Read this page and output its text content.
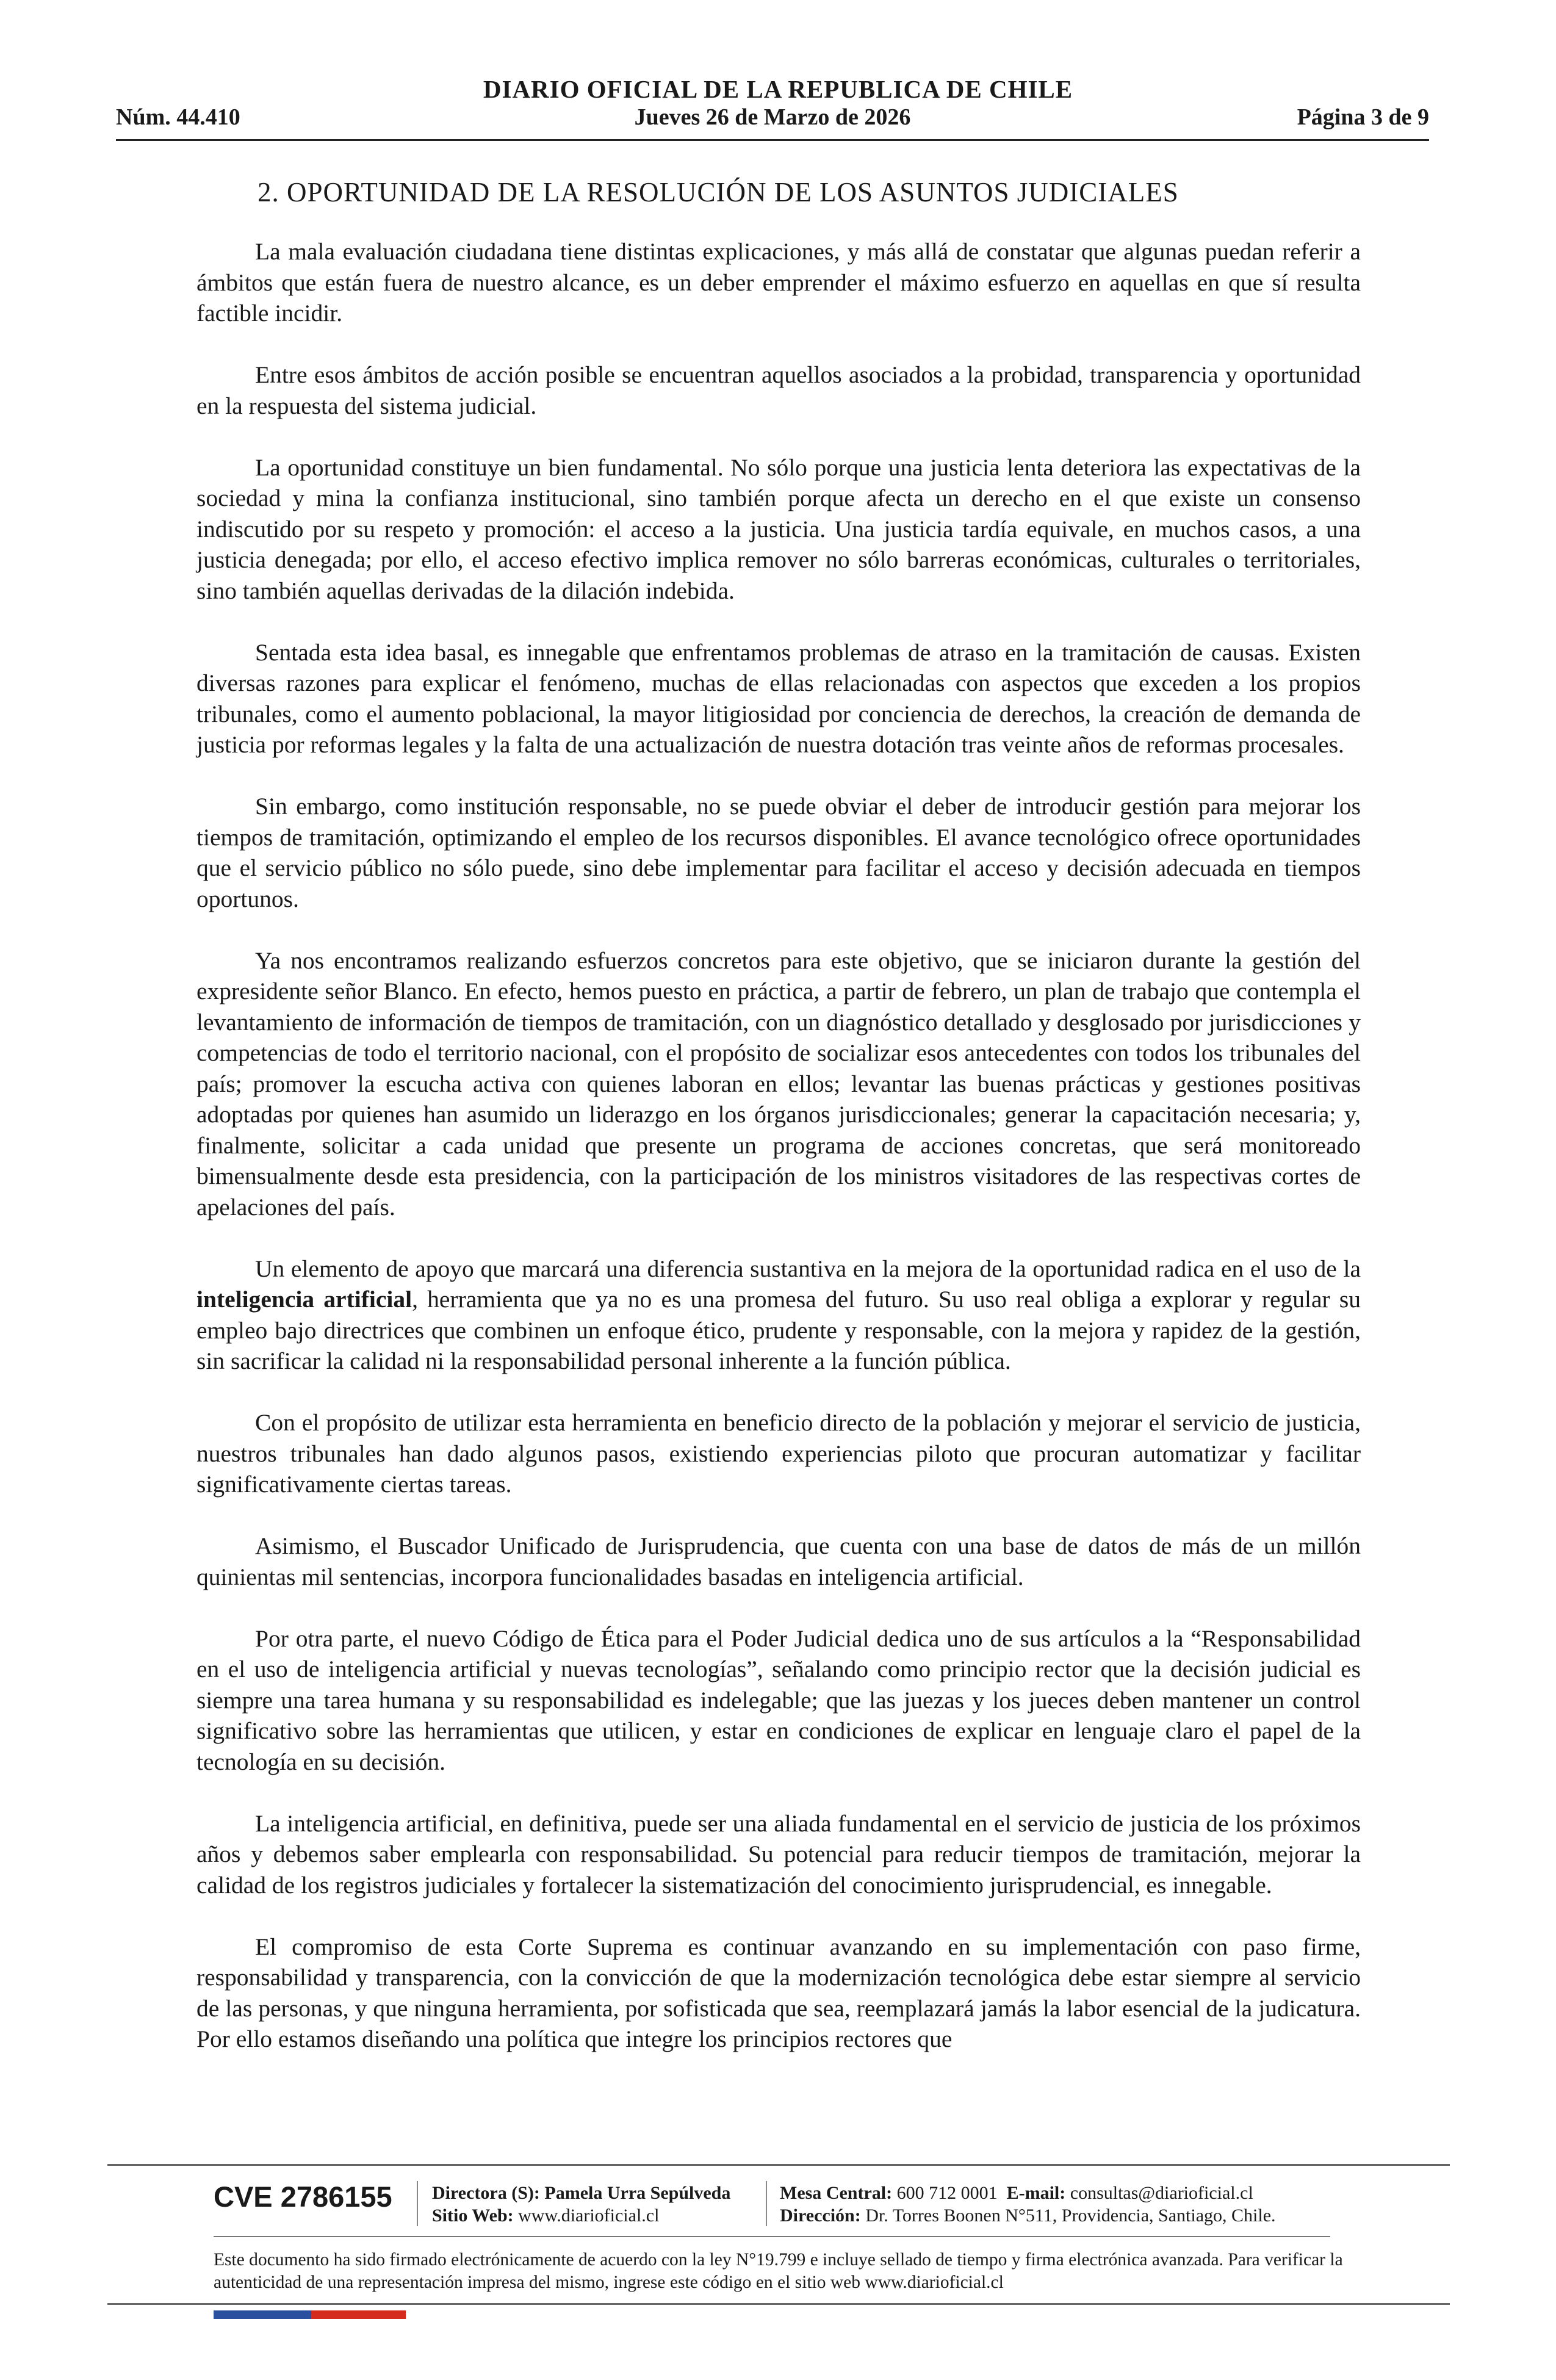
DIARIO OFICIAL DE LA REPUBLICA DE CHILE
Jueves 26 de Marzo de 2026
Núm. 44.410	Página 3 de 9
2. OPORTUNIDAD DE LA RESOLUCIÓN DE LOS ASUNTOS JUDICIALES

La mala evaluación ciudadana tiene distintas explicaciones, y más allá de constatar que algunas puedan referir a ámbitos que están fuera de nuestro alcance, es un deber emprender el máximo esfuerzo en aquellas en que sí resulta factible incidir.

Entre esos ámbitos de acción posible se encuentran aquellos asociados a la probidad, transparencia y oportunidad en la respuesta del sistema judicial.

La oportunidad constituye un bien fundamental. No sólo porque una justicia lenta deteriora las expectativas de la sociedad y mina la confianza institucional, sino también porque afecta un derecho en el que existe un consenso indiscutido por su respeto y promoción: el acceso a la justicia. Una justicia tardía equivale, en muchos casos, a una justicia denegada; por ello, el acceso efectivo implica remover no sólo barreras económicas, culturales o territoriales, sino también aquellas derivadas de la dilación indebida.

Sentada esta idea basal, es innegable que enfrentamos problemas de atraso en la tramitación de causas. Existen diversas razones para explicar el fenómeno, muchas de ellas relacionadas con aspectos que exceden a los propios tribunales, como el aumento poblacional, la mayor litigiosidad por conciencia de derechos, la creación de demanda de justicia por reformas legales y la falta de una actualización de nuestra dotación tras veinte años de reformas procesales.

Sin embargo, como institución responsable, no se puede obviar el deber de introducir gestión para mejorar los tiempos de tramitación, optimizando el empleo de los recursos disponibles. El avance tecnológico ofrece oportunidades que el servicio público no sólo puede, sino debe implementar para facilitar el acceso y decisión adecuada en tiempos oportunos.

Ya nos encontramos realizando esfuerzos concretos para este objetivo, que se iniciaron durante la gestión del expresidente señor Blanco. En efecto, hemos puesto en práctica, a partir de febrero, un plan de trabajo que contempla el levantamiento de información de tiempos de tramitación, con un diagnóstico detallado y desglosado por jurisdicciones y competencias de todo el territorio nacional, con el propósito de socializar esos antecedentes con todos los tribunales del país; promover la escucha activa con quienes laboran en ellos; levantar las buenas prácticas y gestiones positivas adoptadas por quienes han asumido un liderazgo en los órganos jurisdiccionales; generar la capacitación necesaria; y, finalmente, solicitar a cada unidad que presente un programa de acciones concretas, que será monitoreado bimensualmente desde esta presidencia, con la participación de los ministros visitadores de las respectivas cortes de apelaciones del país.

Un elemento de apoyo que marcará una diferencia sustantiva en la mejora de la oportunidad radica en el uso de la inteligencia artificial, herramienta que ya no es una promesa del futuro. Su uso real obliga a explorar y regular su empleo bajo directrices que combinen un enfoque ético, prudente y responsable, con la mejora y rapidez de la gestión, sin sacrificar la calidad ni la responsabilidad personal inherente a la función pública.

Con el propósito de utilizar esta herramienta en beneficio directo de la población y mejorar el servicio de justicia, nuestros tribunales han dado algunos pasos, existiendo experiencias piloto que procuran automatizar y facilitar significativamente ciertas tareas.

Asimismo, el Buscador Unificado de Jurisprudencia, que cuenta con una base de datos de más de un millón quinientas mil sentencias, incorpora funcionalidades basadas en inteligencia artificial.

Por otra parte, el nuevo Código de Ética para el Poder Judicial dedica uno de sus artículos a la “Responsabilidad en el uso de inteligencia artificial y nuevas tecnologías”, señalando como principio rector que la decisión judicial es siempre una tarea humana y su responsabilidad es indelegable; que las juezas y los jueces deben mantener un control significativo sobre las herramientas que utilicen, y estar en condiciones de explicar en lenguaje claro el papel de la tecnología en su decisión.

La inteligencia artificial, en definitiva, puede ser una aliada fundamental en el servicio de justicia de los próximos años y debemos saber emplearla con responsabilidad. Su potencial para reducir tiempos de tramitación, mejorar la calidad de los registros judiciales y fortalecer la sistematización del conocimiento jurisprudencial, es innegable.

El compromiso de esta Corte Suprema es continuar avanzando en su implementación con paso firme, responsabilidad y transparencia, con la convicción de que la modernización tecnológica debe estar siempre al servicio de las personas, y que ninguna herramienta, por sofisticada que sea, reemplazará jamás la labor esencial de la judicatura. Por ello estamos diseñando una política que integre los principios rectores que

CVE 2786155 Directora (S): Pamela Urra Sepúlveda
Sitio Web: www.diarioficial.cl
Mesa Central: 600 712 0001 E-mail: consultas@diarioficial.cl
Dirección: Dr. Torres Boonen N°511, Providencia, Santiago, Chile.
Este documento ha sido firmado electrónicamente de acuerdo con la ley N°19.799 e incluye sellado de tiempo y firma electrónica avanzada. Para verificar la autenticidad de una representación impresa del mismo, ingrese este código en el sitio web www.diarioficial.cl
